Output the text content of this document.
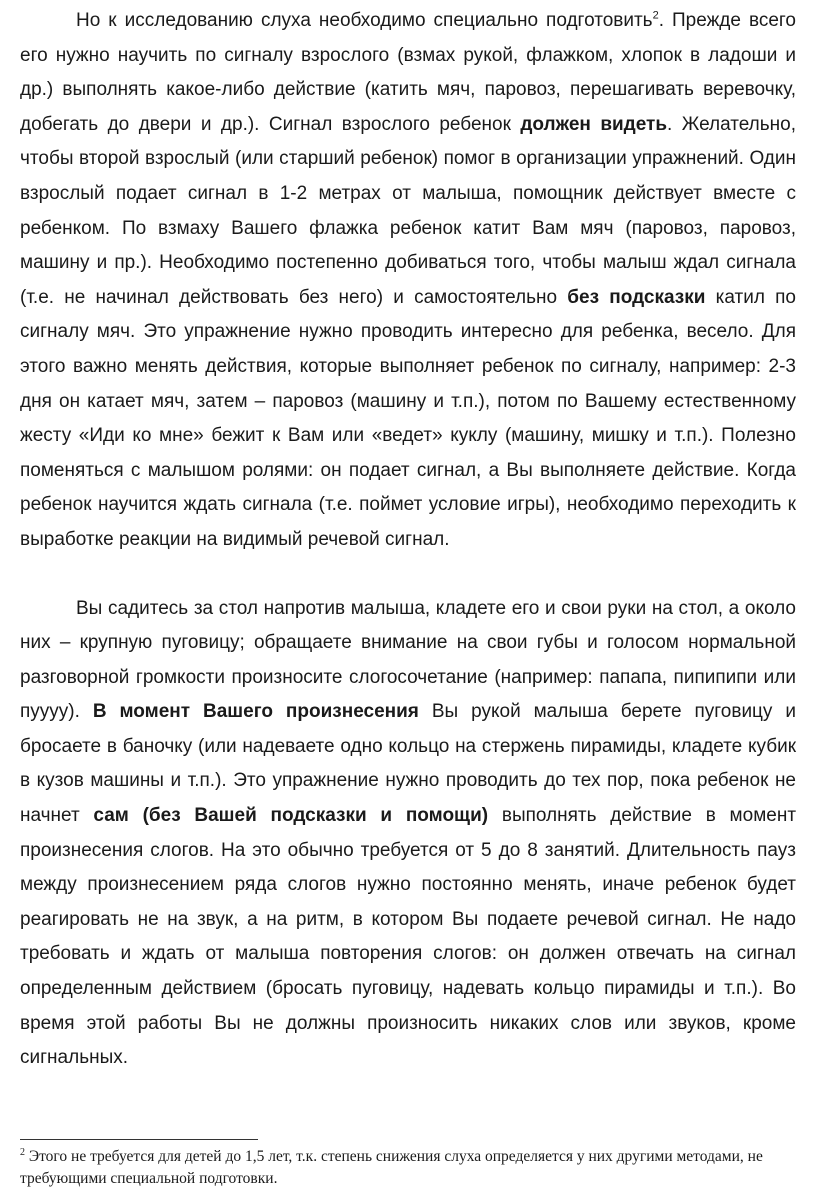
Но к исследованию слуха необходимо специально подготовить$^2$. Прежде всего его нужно научить по сигналу взрослого (взмах рукой, флажком, хлопок в ладоши и др.) выполнять какое-либо действие (катить мяч, паровоз, перешагивать веревочку, добегать до двери и др.). Сигнал взрослого ребенок должен видеть. Желательно, чтобы второй взрослый (или старший ребенок) помог в организации упражнений. Один взрослый подает сигнал в 1-2 метрах от малыша, помощник действует вместе с ребенком. По взмаху Вашего флажка ребенок катит Вам мяч (паровоз, паровоз, машину и пр.). Необходимо постепенно добиваться того, чтобы малыш ждал сигнала (т.е. не начинал действовать без него) и самостоятельно без подсказки катил по сигналу мяч. Это упражнение нужно проводить интересно для ребенка, весело. Для этого важно менять действия, которые выполняет ребенок по сигналу, например: 2-3 дня он катает мяч, затем – паровоз (машину и т.п.), потом по Вашему естественному жесту «Иди ко мне» бежит к Вам или «ведет» куклу (машину, мишку и т.п.). Полезно поменяться с малышом ролями: он подает сигнал, а Вы выполняете действие. Когда ребенок научится ждать сигнала (т.е. поймет условие игры), необходимо переходить к выработке реакции на видимый речевой сигнал.

Вы садитесь за стол напротив малыша, кладете его и свои руки на стол, а около них – крупную пуговицу; обращаете внимание на свои губы и голосом нормальной разговорной громкости произносите слогосочетание (например: папапа, пипипипи или пуууу). В момент Вашего произнесения Вы рукой малыша берете пуговицу и бросаете в баночку (или надеваете одно кольцо на стержень пирамиды, кладете кубик в кузов машины и т.п.). Это упражнение нужно проводить до тех пор, пока ребенок не начнет сам (без Вашей подсказки и помощи) выполнять действие в момент произнесения слогов. На это обычно требуется от 5 до 8 занятий. Длительность пауз между произнесением ряда слогов нужно постоянно менять, иначе ребенок будет реагировать не на звук, а на ритм, в котором Вы подаете речевой сигнал. Не надо требовать и ждать от малыша повторения слогов: он должен отвечать на сигнал определенным действием (бросать пуговицу, надевать кольцо пирамиды и т.п.). Во время этой работы Вы не должны произносить никаких слов или звуков, кроме сигнальных.

$^2$ Этого не требуется для детей до 1,5 лет, т.к. степень снижения слуха определяется у них другими методами, не требующими специальной подготовки.
